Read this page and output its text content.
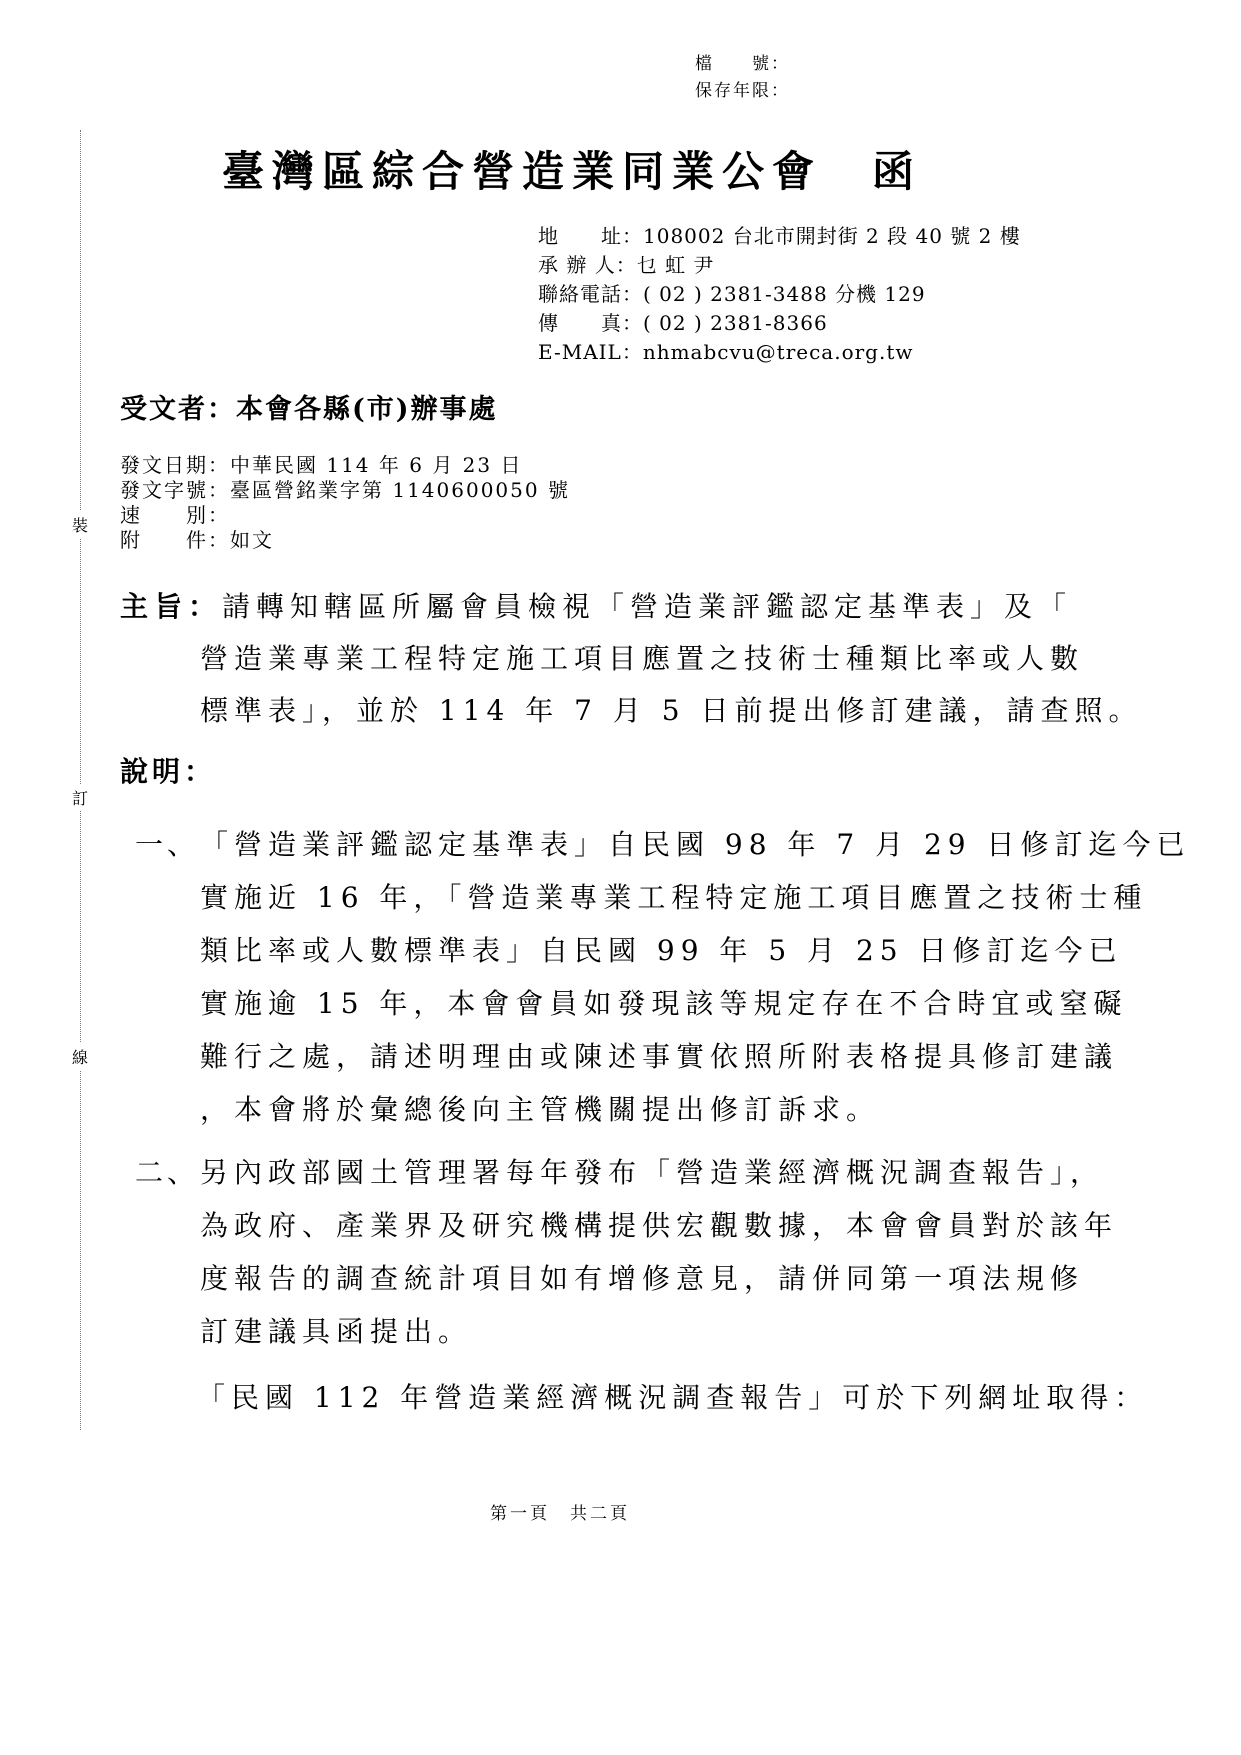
檔　　號：
保存年限：
裝
訂
線
臺灣區綜合營造業同業公會　函
地　　址：108002 台北市開封街 2 段 40 號 2 樓
承 辦 人：乜 虹 尹
聯絡電話：( 02 ) 2381-3488 分機 129
傳　　真：( 02 ) 2381-8366
E-MAIL：nhmabcvu@treca.org.tw
受文者：本會各縣(市)辦事處
發文日期：中華民國 114 年 6 月 23 日
發文字號：臺區營銘業字第 1140600050 號
速　　別：
附　　件：如文
主旨：請轉知轄區所屬會員檢視「營造業評鑑認定基準表」及「
營造業專業工程特定施工項目應置之技術士種類比率或人數
標準表」，並於 114 年 7 月 5 日前提出修訂建議，請查照。
說明：
一、 「營造業評鑑認定基準表」自民國 98 年 7 月 29 日修訂迄今已
實施近 16 年，「營造業專業工程特定施工項目應置之技術士種
類比率或人數標準表」自民國 99 年 5 月 25 日修訂迄今已
實施逾 15 年，本會會員如發現該等規定存在不合時宜或窒礙
難行之處，請述明理由或陳述事實依照所附表格提具修訂建議
，本會將於彙總後向主管機關提出修訂訴求。
二、 另內政部國土管理署每年發布「營造業經濟概況調查報告」，
為政府、產業界及研究機構提供宏觀數據，本會會員對於該年
度報告的調查統計項目如有增修意見，請併同第一項法規修
訂建議具函提出。
「民國 112 年營造業經濟概況調查報告」可於下列網址取得：
第一頁　共二頁
